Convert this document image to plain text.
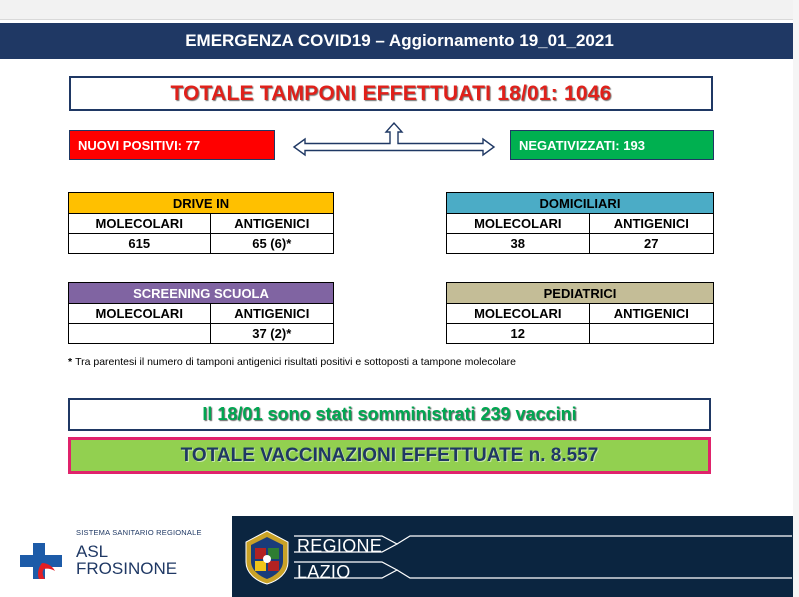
EMERGENZA COVID19 – Aggiornamento 19_01_2021
TOTALE TAMPONI EFFETTUATI 18/01: 1046
NUOVI POSITIVI: 77	NEGATIVIZZATI: 193
DRIVE IN	
MOLECOLARI	ANTIGENICI
615	65 (6)*
DOMICILIARI	
MOLECOLARI	ANTIGENICI
38	27
SCREENING SCUOLA	
MOLECOLARI	ANTIGENICI
	37 (2)*
PEDIATRICI	
MOLECOLARI	ANTIGENICI
12	
* Tra parentesi il numero di tamponi antigenici risultati positivi e sottoposti a tampone molecolare
Il 18/01 sono stati somministrati 239 vaccini
TOTALE VACCINAZIONI EFFETTUATE n. 8.557
SISTEMA SANITARIO REGIONALE
ASL
FROSINONE
REGIONE
LAZIO
